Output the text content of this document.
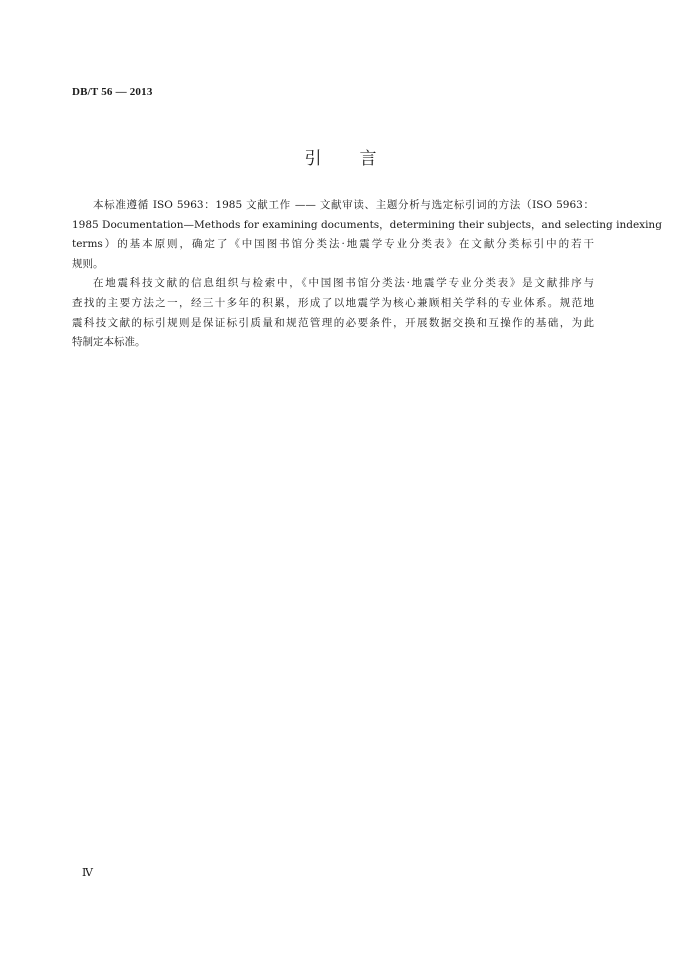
DB/T 56 — 2013
引 言
本标准遵循 ISO 5963：1985 文献工作 —— 文献审读、主题分析与选定标引词的方法（ISO 5963：
1985 Documentation—Methods for examining documents，determining their subjects，and selecting indexing
terms）的基本原则，确定了《中国图书馆分类法·地震学专业分类表》在文献分类标引中的若干
规则。
在地震科技文献的信息组织与检索中，《中国图书馆分类法·地震学专业分类表》是文献排序与
查找的主要方法之一，经三十多年的积累，形成了以地震学为核心兼顾相关学科的专业体系。规范地
震科技文献的标引规则是保证标引质量和规范管理的必要条件，开展数据交换和互操作的基础，为此
特制定本标准。
Ⅳ
